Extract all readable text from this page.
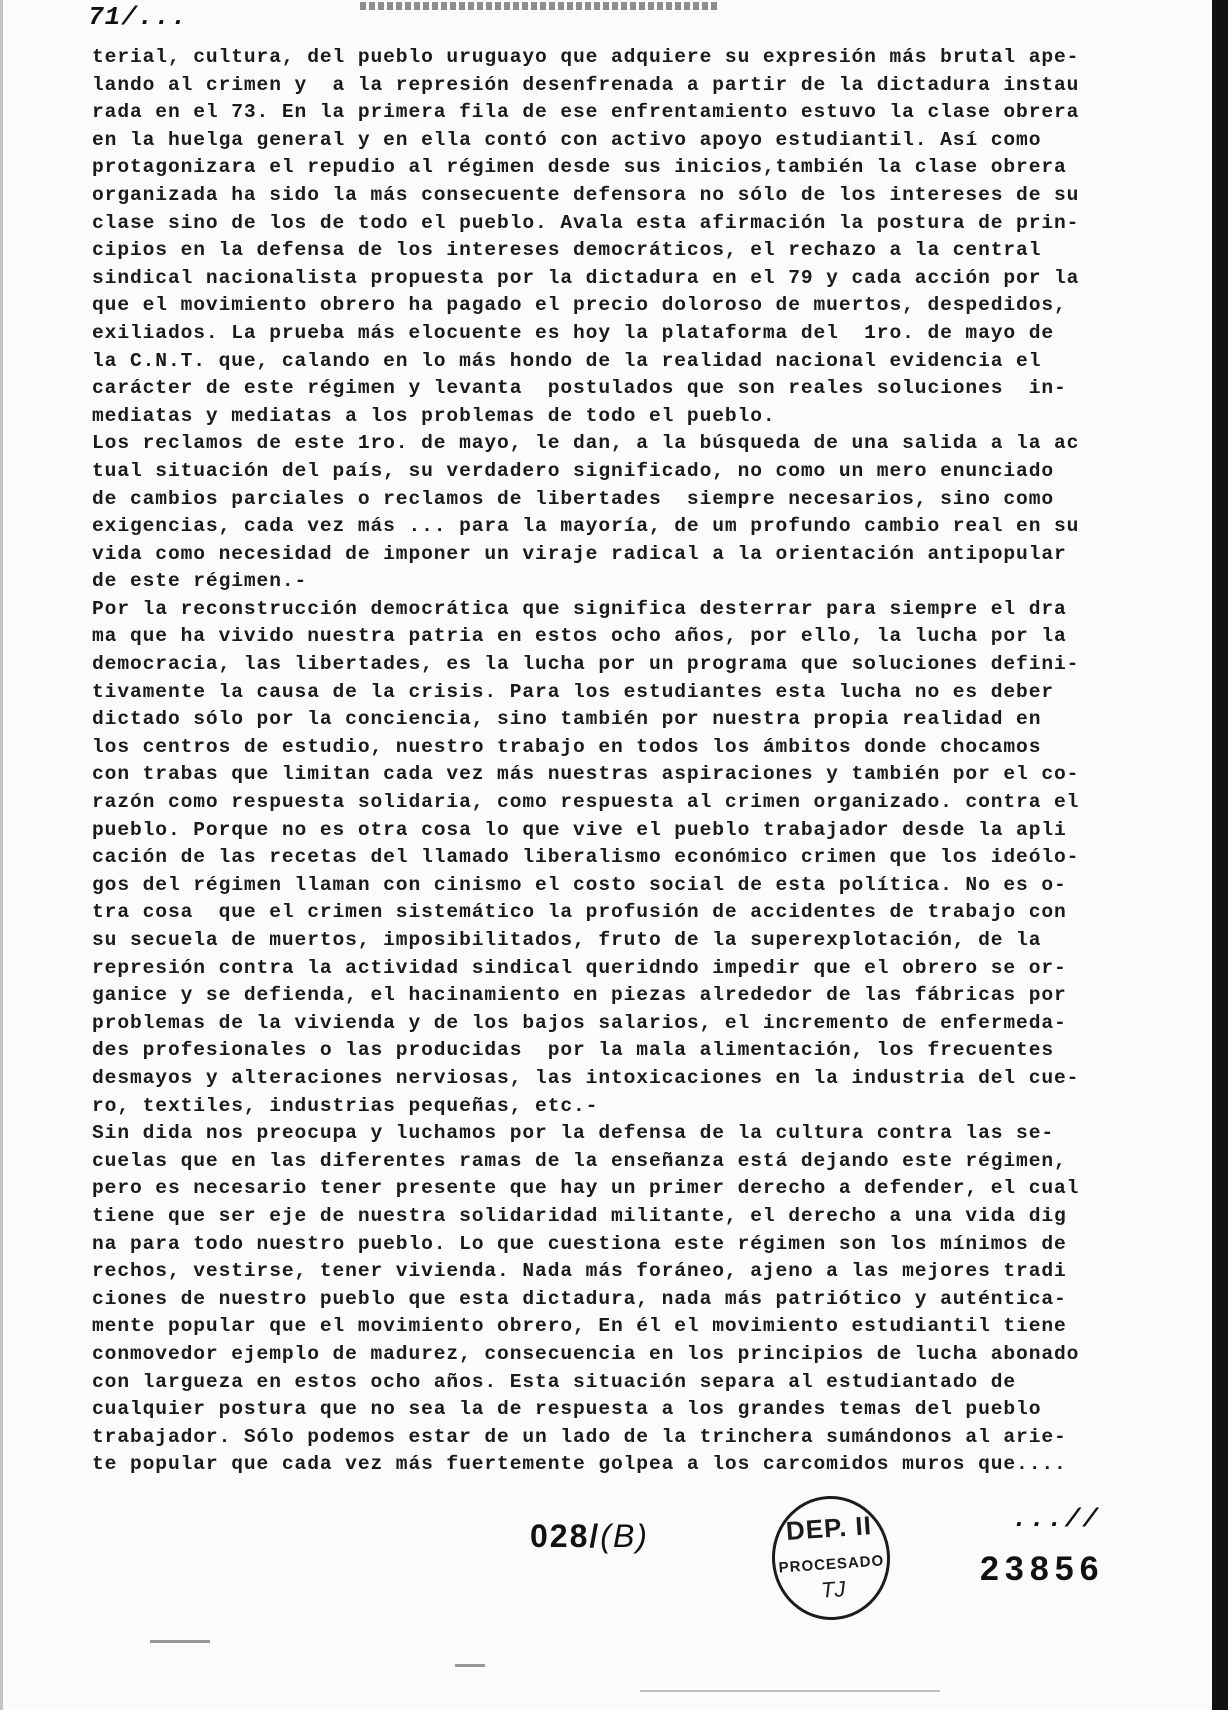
71/...
terial, cultura, del pueblo uruguayo que adquiere su expresión más brutal ape-
lando al crimen y  a la represión desenfrenada a partir de la dictadura instau
rada en el 73. En la primera fila de ese enfrentamiento estuvo la clase obrera
en la huelga general y en ella contó con activo apoyo estudiantil. Así como
protagonizara el repudio al régimen desde sus inicios,también la clase obrera
organizada ha sido la más consecuente defensora no sólo de los intereses de su
clase sino de los de todo el pueblo. Avala esta afirmación la postura de prin-
cipios en la defensa de los intereses democráticos, el rechazo a la central
sindical nacionalista propuesta por la dictadura en el 79 y cada acción por la
que el movimiento obrero ha pagado el precio doloroso de muertos, despedidos,
exiliados. La prueba más elocuente es hoy la plataforma del  1ro. de mayo de
la C.N.T. que, calando en lo más hondo de la realidad nacional evidencia el
carácter de este régimen y levanta  postulados que son reales soluciones  in-
mediatas y mediatas a los problemas de todo el pueblo.
Los reclamos de este 1ro. de mayo, le dan, a la búsqueda de una salida a la ac
tual situación del país, su verdadero significado, no como un mero enunciado
de cambios parciales o reclamos de libertades  siempre necesarios, sino como
exigencias, cada vez más ... para la mayoría, de um profundo cambio real en su
vida como necesidad de imponer un viraje radical a la orientación antipopular
de este régimen.-
Por la reconstrucción democrática que significa desterrar para siempre el dra
ma que ha vivido nuestra patria en estos ocho años, por ello, la lucha por la
democracia, las libertades, es la lucha por un programa que soluciones defini-
tivamente la causa de la crisis. Para los estudiantes esta lucha no es deber
dictado sólo por la conciencia, sino también por nuestra propia realidad en
los centros de estudio, nuestro trabajo en todos los ámbitos donde chocamos
con trabas que limitan cada vez más nuestras aspiraciones y también por el co-
razón como respuesta solidaria, como respuesta al crimen organizado. contra el
pueblo. Porque no es otra cosa lo que vive el pueblo trabajador desde la apli
cación de las recetas del llamado liberalismo económico crimen que los ideólo-
gos del régimen llaman con cinismo el costo social de esta política. No es o-
tra cosa  que el crimen sistemático la profusión de accidentes de trabajo con
su secuela de muertos, imposibilitados, fruto de la superexplotación, de la
represión contra la actividad sindical queridndo impedir que el obrero se or-
ganice y se defienda, el hacinamiento en piezas alrededor de las fábricas por
problemas de la vivienda y de los bajos salarios, el incremento de enfermeda-
des profesionales o las producidas  por la mala alimentación, los frecuentes
desmayos y alteraciones nerviosas, las intoxicaciones en la industria del cue-
ro, textiles, industrias pequeñas, etc.-
Sin dida nos preocupa y luchamos por la defensa de la cultura contra las se-
cuelas que en las diferentes ramas de la enseñanza está dejando este régimen,
pero es necesario tener presente que hay un primer derecho a defender, el cual
tiene que ser eje de nuestra solidaridad militante, el derecho a una vida dig
na para todo nuestro pueblo. Lo que cuestiona este régimen son los mínimos de
rechos, vestirse, tener vivienda. Nada más foráneo, ajeno a las mejores tradi
ciones de nuestro pueblo que esta dictadura, nada más patriótico y auténtica-
mente popular que el movimiento obrero, En él el movimiento estudiantil tiene
conmovedor ejemplo de madurez, consecuencia en los principios de lucha abonado
con largueza en estos ocho años. Esta situación separa al estudiantado de
cualquier postura que no sea la de respuesta a los grandes temas del pueblo
trabajador. Sólo podemos estar de un lado de la trinchera sumándonos al arie-
te popular que cada vez más fuertemente golpea a los carcomidos muros que....
028/(B)	DEP. II
PROCESADO
TJ
...//
23856
